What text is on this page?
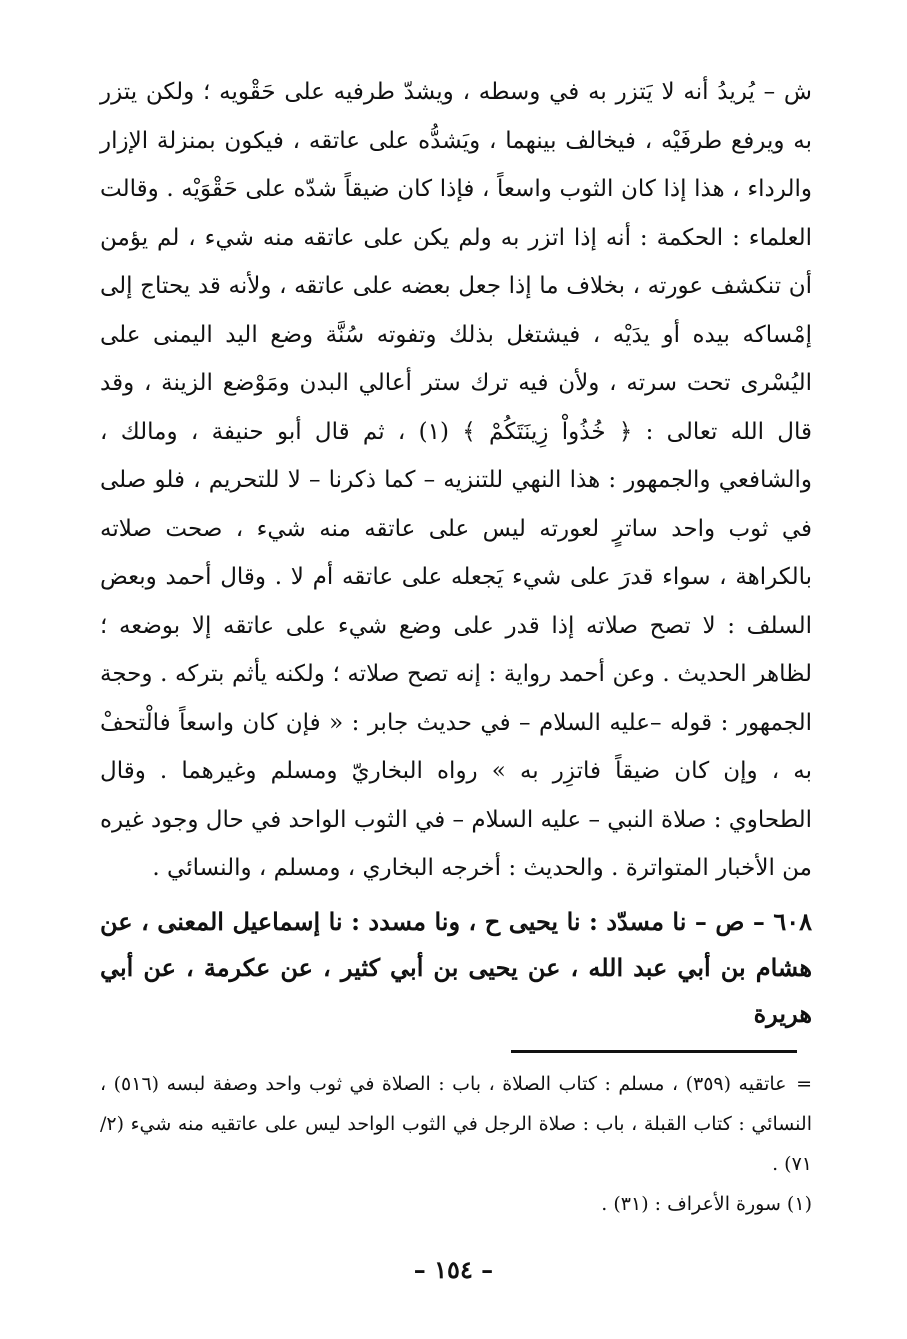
ش – يُريدُ أنه لا يَتزر به في وسطه ، ويشدّ طرفيه على حَقْويه ؛ ولكن يتزر به ويرفع طرفَيْه ، فيخالف بينهما ، ويَشدُّه على عاتقه ، فيكون بمنزلة الإزار والرداء ، هذا إذا كان الثوب واسعاً ، فإذا كان ضيقاً شدّه على حَقْوَيْه . وقالت العلماء : الحكمة : أنه إذا اتزر به ولم يكن على عاتقه منه شيء ، لم يؤمن أن تنكشف عورته ، بخلاف ما إذا جعل بعضه على عاتقه ، ولأنه قد يحتاج إلى إمْساكه بيده أو يدَيْه ، فيشتغل بذلك وتفوته سُنَّة وضع اليد اليمنى على اليُسْرى تحت سرته ، ولأن فيه ترك ستر أعالي البدن ومَوْضع الزينة ، وقد قال الله تعالى : ﴿ خُذُواْ زِينَتَكُمْ ﴾ (١) ، ثم قال أبو حنيفة ، ومالك ، والشافعي والجمهور : هذا النهي للتنزيه – كما ذكرنا – لا للتحريم ، فلو صلى في ثوب واحد ساترٍ لعورته ليس على عاتقه منه شيء ، صحت صلاته بالكراهة ، سواء قدرَ على شيء يَجعله على عاتقه أم لا . وقال أحمد وبعض السلف : لا تصح صلاته إذا قدر على وضع شيء على عاتقه إلا بوضعه ؛ لظاهر الحديث . وعن أحمد رواية : إنه تصح صلاته ؛ ولكنه يأثم بتركه . وحجة الجمهور : قوله –عليه السلام – في حديث جابر : « فإن كان واسعاً فالْتحفْ به ، وإن كان ضيقاً فاتزِر به » رواه البخاريّ ومسلم وغيرهما . وقال الطحاوي : صلاة النبي – عليه السلام – في الثوب الواحد في حال وجود غيره من الأخبار المتواترة . والحديث : أخرجه البخاري ، ومسلم ، والنسائي .

٦٠٨ – ص – نا مسدّد : نا يحيى ح ، ونا مسدد : نا إسماعيل المعنى ، عن هشام بن أبي عبد الله ، عن يحيى بن أبي كثير ، عن عكرمة ، عن أبي هريرة

= عاتقيه (٣٥٩) ، مسلم : كتاب الصلاة ، باب : الصلاة في ثوب واحد وصفة لبسه (٥١٦) ، النسائي : كتاب القبلة ، باب : صلاة الرجل في الثوب الواحد ليس على عاتقيه منه شيء (٢/ ٧١) .

(١) سورة الأعراف : (٣١) .

– ١٥٤ –
